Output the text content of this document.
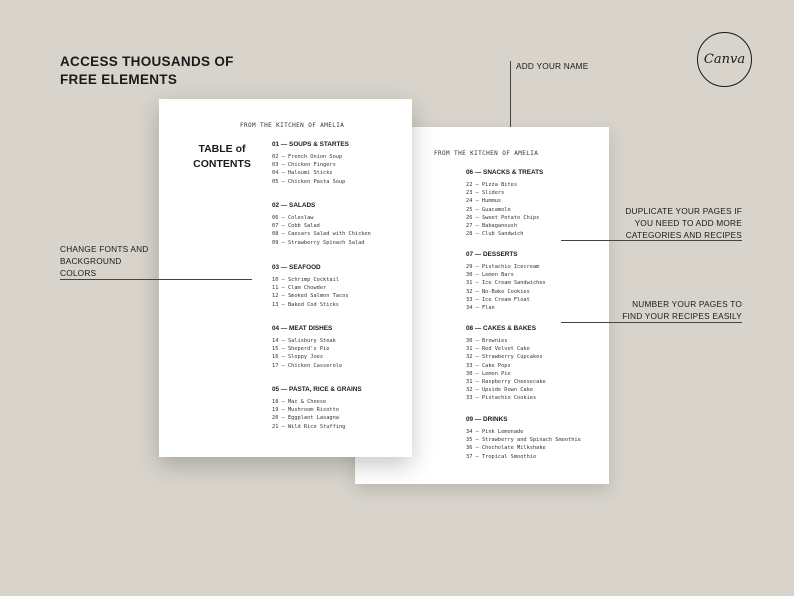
ACCESS THOUSANDS OF
FREE ELEMENTS
Canva
ADD YOUR NAME
CHANGE FONTS AND
BACKGROUND
COLORS
DUPLICATE YOUR PAGES IF
YOU NEED TO ADD MORE
CATEGORIES AND RECIPES
NUMBER YOUR PAGES TO
FIND YOUR RECIPES EASILY
FROM THE KITCHEN OF AMELIA
TABLE of
CONTENTS
01 — SOUPS & STARTES
02 — French Onion Soup
03 — Chicken Fingers
04 — Haloumi Sticks
05 — Chicken Pasta Soup
02 — SALADS
06 — Coleslaw
07 — Cobb Salad
08 — Caesars Salad with Chicken
09 — Strawberry Spinach Salad
03 — SEAFOOD
10 — Schrimp Cocktail
11 — Clam Chowder
12 — Smoked Salmon Tacos
13 — Baked Cod Sticks
04 — MEAT DISHES
14 — Salisbury Steak
15 — Sheperd's Pie
16 — Sloppy Joes
17 — Chicken Casserole
05 — PASTA, RICE & GRAINS
18 — Mac & Cheese
19 — Mushroom Risotto
20 — Eggplant Lasagna
21 — Wild Rice Stuffing
FROM THE KITCHEN OF AMELIA
06 — SNACKS & TREATS
22 — Pizza Bites
23 — Sliders
24 — Hummus
25 — Guacamole
26 — Sweet Potato Chips
27 — Babaganoush
28 — Club Sandwich
07 — DESSERTS
29 — Pistachio Icecream
30 — Lemon Bars
31 — Ice Cream Sandwiches
32 — No-Bake Cookies
33 — Ice Cream Float
34 — Flan
08 — CAKES & BAKES
30 — Brownies
31 — Red Velvet Cake
32 — Strawberry Cupcakes
33 — Cake Pops
30 — Lemon Pie
31 — Raspberry Cheesecake
32 — Upside Down Cake
33 — Pistachio Cookies
09 — DRINKS
34 — Pink Lemonade
35 — Strawberry and Spinach Smoothie
36 — Chocholate Milkshake
37 — Tropical Smoothie
